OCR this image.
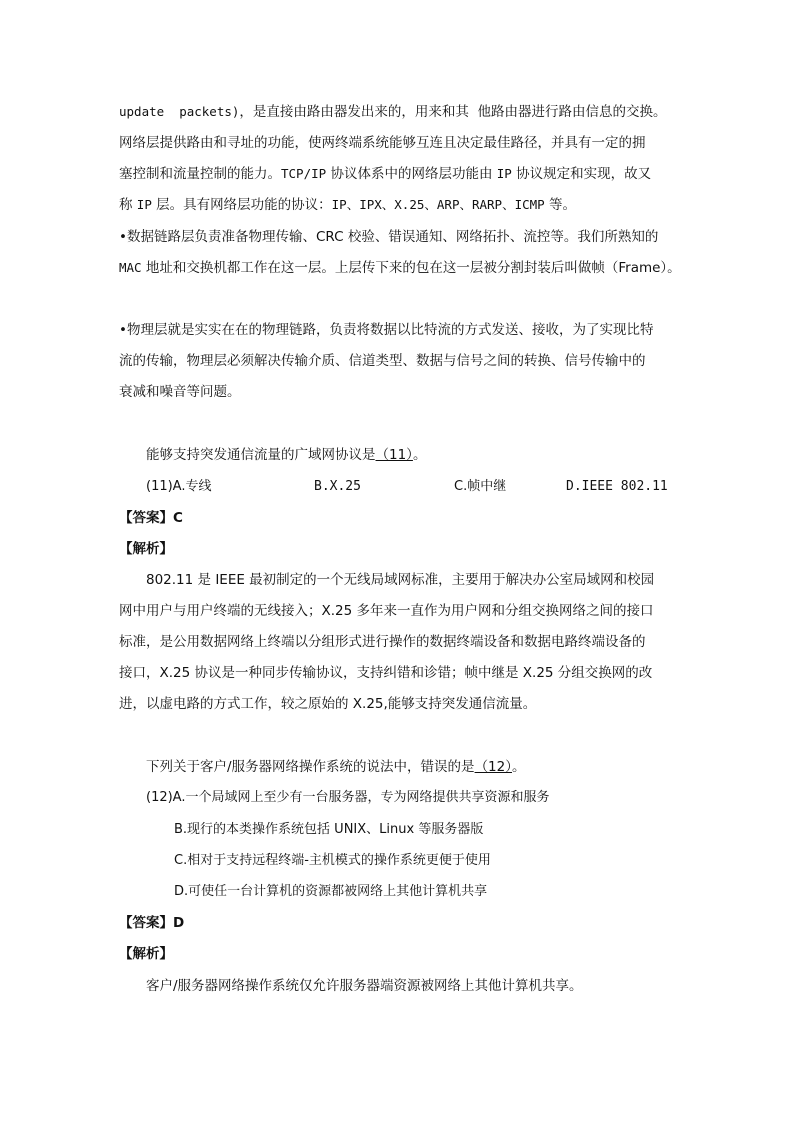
update  packets)，是直接由路由器发出来的，用来和其  他路由器进行路由信息的交换。
网络层提供路由和寻址的功能，使两终端系统能够互连且决定最佳路径，并具有一定的拥
塞控制和流量控制的能力。TCP/IP 协议体系中的网络层功能由 IP 协议规定和实现，故又
称 IP 层。具有网络层功能的协议：IP、IPX、X.25、ARP、RARP、ICMP 等。
•数据链路层负责准备物理传输、CRC 校验、错误通知、网络拓扑、流控等。我们所熟知的
MAC 地址和交换机都工作在这一层。上层传下来的包在这一层被分割封装后叫做帧（Frame）。
•物理层就是实实在在的物理链路，负责将数据以比特流的方式发送、接收，为了实现比特
流的传输，物理层必须解决传输介质、信道类型、数据与信号之间的转换、信号传输中的
衰减和噪音等问题。
能够支持突发通信流量的广域网协议是（11）。
(11)A.专线	B.X.25	C.帧中继	D.IEEE 802.11
【答案】C
【解析】
802.11 是 IEEE 最初制定的一个无线局域网标准，主要用于解决办公室局域网和校园
网中用户与用户终端的无线接入；X.25 多年来一直作为用户网和分组交换网络之间的接口
标准，是公用数据网络上终端以分组形式进行操作的数据终端设备和数据电路终端设备的
接口，X.25 协议是一种同步传输协议，支持纠错和诊错；帧中继是 X.25 分组交换网的改
进，以虚电路的方式工作，较之原始的 X.25,能够支持突发通信流量。
下列关于客户/服务器网络操作系统的说法中，错误的是（12）。
(12)A.一个局域网上至少有一台服务器，专为网络提供共享资源和服务
B.现行的本类操作系统包括 UNIX、Linux 等服务器版
C.相对于支持远程终端-主机模式的操作系统更便于使用
D.可使任一台计算机的资源都被网络上其他计算机共享
【答案】D
【解析】
客户/服务器网络操作系统仅允许服务器端资源被网络上其他计算机共享。
